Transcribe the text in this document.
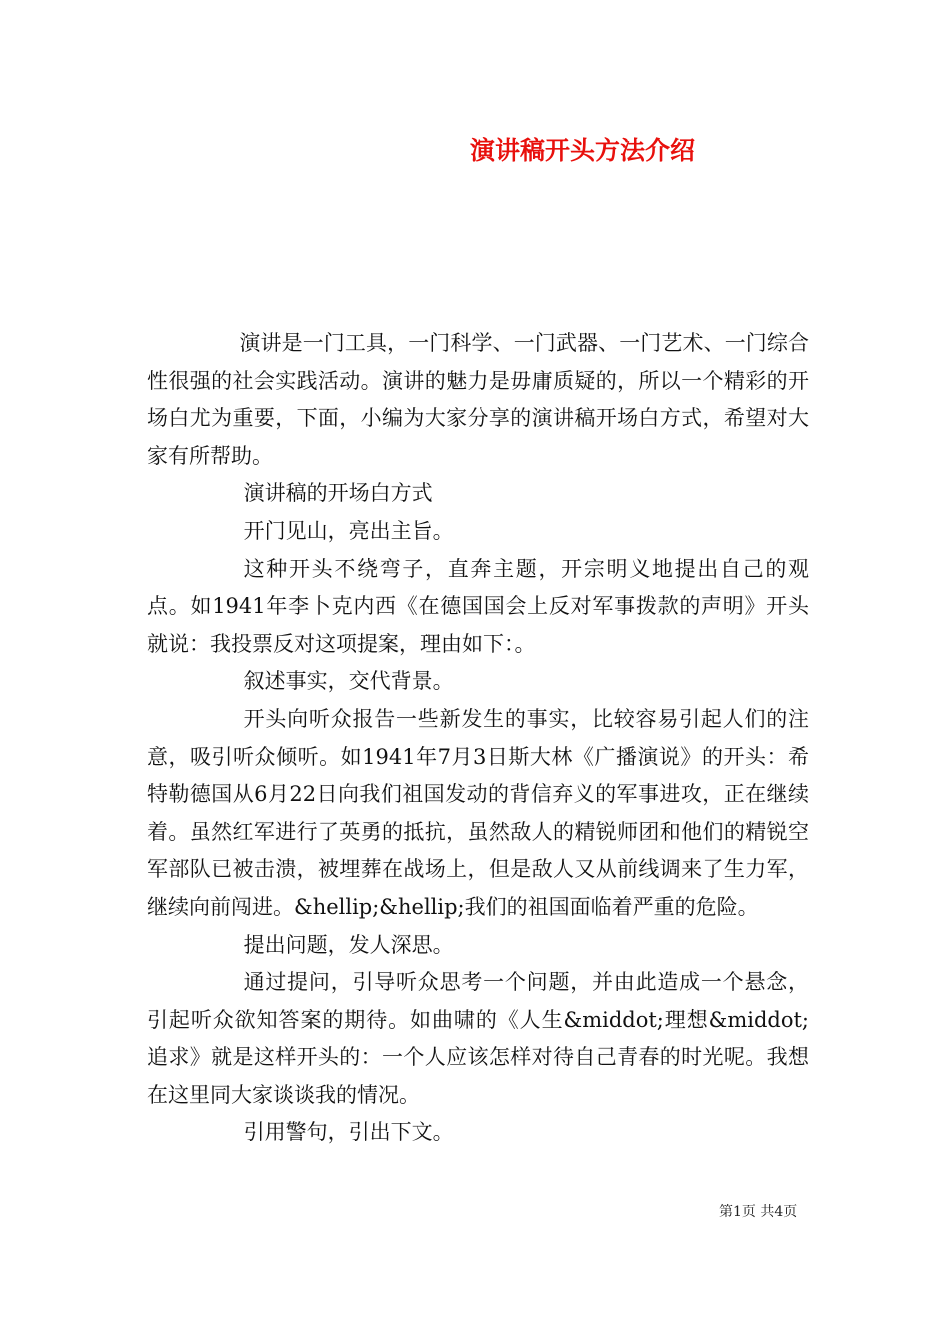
演讲稿开头方法介绍

演讲是一门工具，一门科学、一门武器、一门艺术、一门综合性很强的社会实践活动。演讲的魅力是毋庸质疑的，所以一个精彩的开场白尤为重要，下面，小编为大家分享的演讲稿开场白方式，希望对大家有所帮助。

演讲稿的开场白方式

开门见山，亮出主旨。

这种开头不绕弯子，直奔主题，开宗明义地提出自己的观点。如1941年李卜克内西《在德国国会上反对军事拨款的声明》开头就说：我投票反对这项提案，理由如下：。

叙述事实，交代背景。

开头向听众报告一些新发生的事实，比较容易引起人们的注意，吸引听众倾听。如1941年7月3日斯大林《广播演说》的开头：希特勒德国从6月22日向我们祖国发动的背信弃义的军事进攻，正在继续着。虽然红军进行了英勇的抵抗，虽然敌人的精锐师团和他们的精锐空军部队已被击溃，被埋葬在战场上，但是敌人又从前线调来了生力军，继续向前闯进。&hellip;&hellip;我们的祖国面临着严重的危险。

提出问题，发人深思。

通过提问，引导听众思考一个问题，并由此造成一个悬念，引起听众欲知答案的期待。如曲啸的《人生&middot;理想&middot;追求》就是这样开头的：一个人应该怎样对待自己青春的时光呢。我想在这里同大家谈谈我的情况。

引用警句，引出下文。

第1页 共4页
